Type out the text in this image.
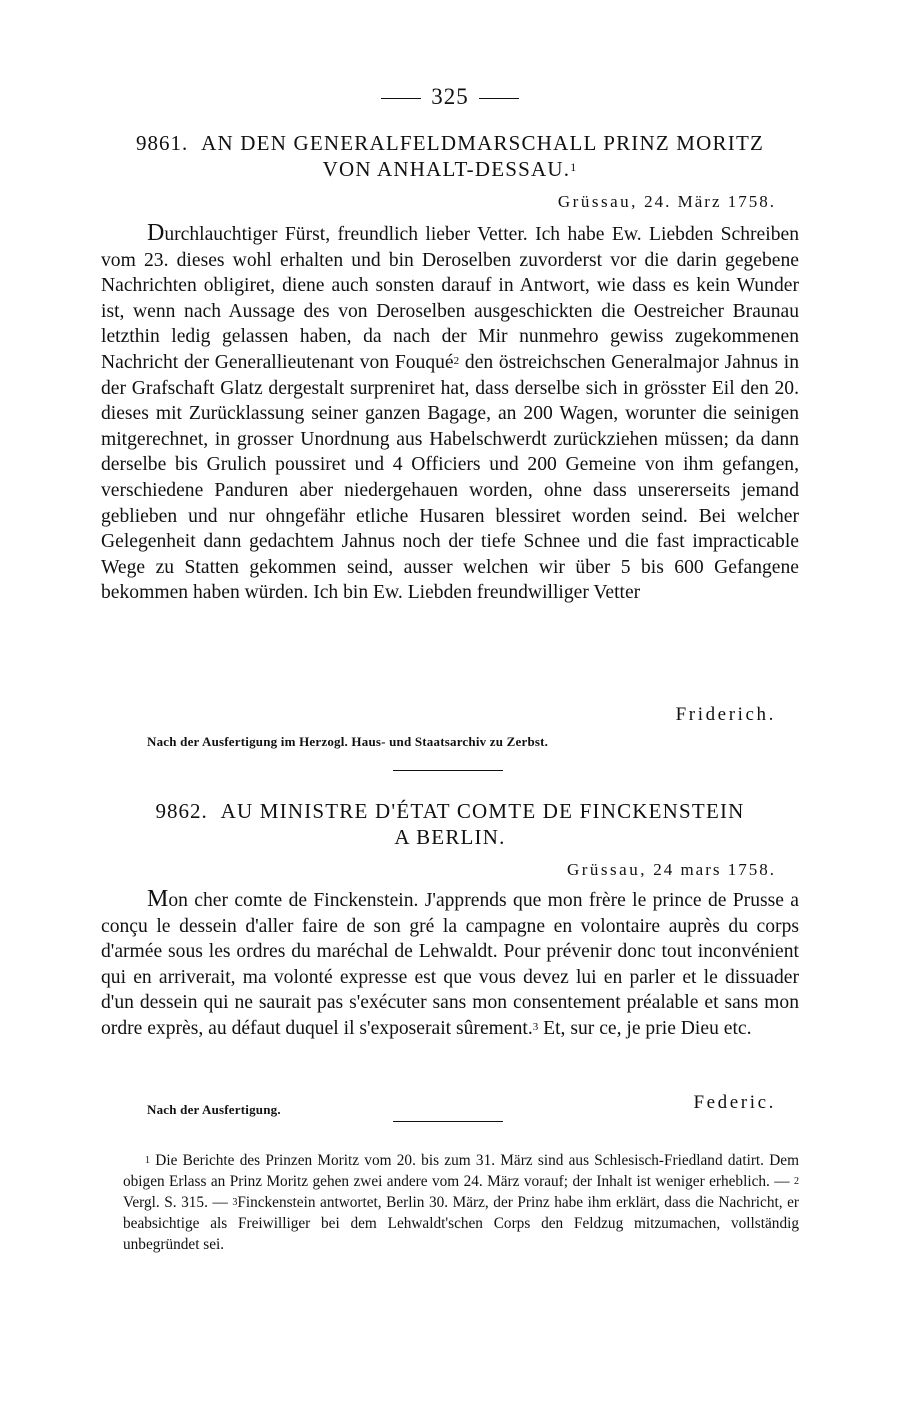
325
9861. AN DEN GENERALFELDMARSCHALL PRINZ MORITZ
VON ANHALT-DESSAU.$^1$
Grüssau, 24. März 1758.
Durchlauchtiger Fürst, freundlich lieber Vetter. Ich habe Ew. Liebden Schreiben vom 23. dieses wohl erhalten und bin Deroselben zuvorderst vor die darin gegebene Nachrichten obligiret, diene auch sonsten darauf in Antwort, wie dass es kein Wunder ist, wenn nach Aussage des von Deroselben ausgeschickten die Oestreicher Braunau letzthin ledig gelassen haben, da nach der Mir nunmehro gewiss zugekommenen Nachricht der Generallieutenant von Fouqué$^2$ den östreichschen Generalmajor Jahnus in der Grafschaft Glatz dergestalt surpreniret hat, dass derselbe sich in grösster Eil den 20. dieses mit Zurücklassung seiner ganzen Bagage, an 200 Wagen, worunter die seinigen mitgerechnet, in grosser Unordnung aus Habelschwerdt zurückziehen müssen; da dann derselbe bis Grulich poussiret und 4 Officiers und 200 Gemeine von ihm gefangen, verschiedene Panduren aber niedergehauen worden, ohne dass unsererseits jemand geblieben und nur ohngefähr etliche Husaren blessiret worden seind. Bei welcher Gelegenheit dann gedachtem Jahnus noch der tiefe Schnee und die fast impracticable Wege zu Statten gekommen seind, ausser welchen wir über 5 bis 600 Gefangene bekommen haben würden. Ich bin Ew. Liebden freundwilliger Vetter
Friderich.
Nach der Ausfertigung im Herzogl. Haus- und Staatsarchiv zu Zerbst.
9862. AU MINISTRE D'ÉTAT COMTE DE FINCKENSTEIN
A BERLIN.
Grüssau, 24 mars 1758.
Mon cher comte de Finckenstein. J'apprends que mon frère le prince de Prusse a conçu le dessein d'aller faire de son gré la campagne en volontaire auprès du corps d'armée sous les ordres du maréchal de Lehwaldt. Pour prévenir donc tout inconvénient qui en arriverait, ma volonté expresse est que vous devez lui en parler et le dissuader d'un dessein qui ne saurait pas s'exécuter sans mon consentement préalable et sans mon ordre exprès, au défaut duquel il s'exposerait sûrement.$^3$ Et, sur ce, je prie Dieu etc.
Nach der Ausfertigung.	Federic.
$^1$ Die Berichte des Prinzen Moritz vom 20. bis zum 31. März sind aus Schlesisch-Friedland datirt. Dem obigen Erlass an Prinz Moritz gehen zwei andere vom 24. März vorauf; der Inhalt ist weniger erheblich. — $^2$ Vergl. S. 315. — $^3$Finckenstein antwortet, Berlin 30. März, der Prinz habe ihm erklärt, dass die Nachricht, er beabsichtige als Freiwilliger bei dem Lehwaldt'schen Corps den Feldzug mitzumachen, vollständig unbegründet sei.
